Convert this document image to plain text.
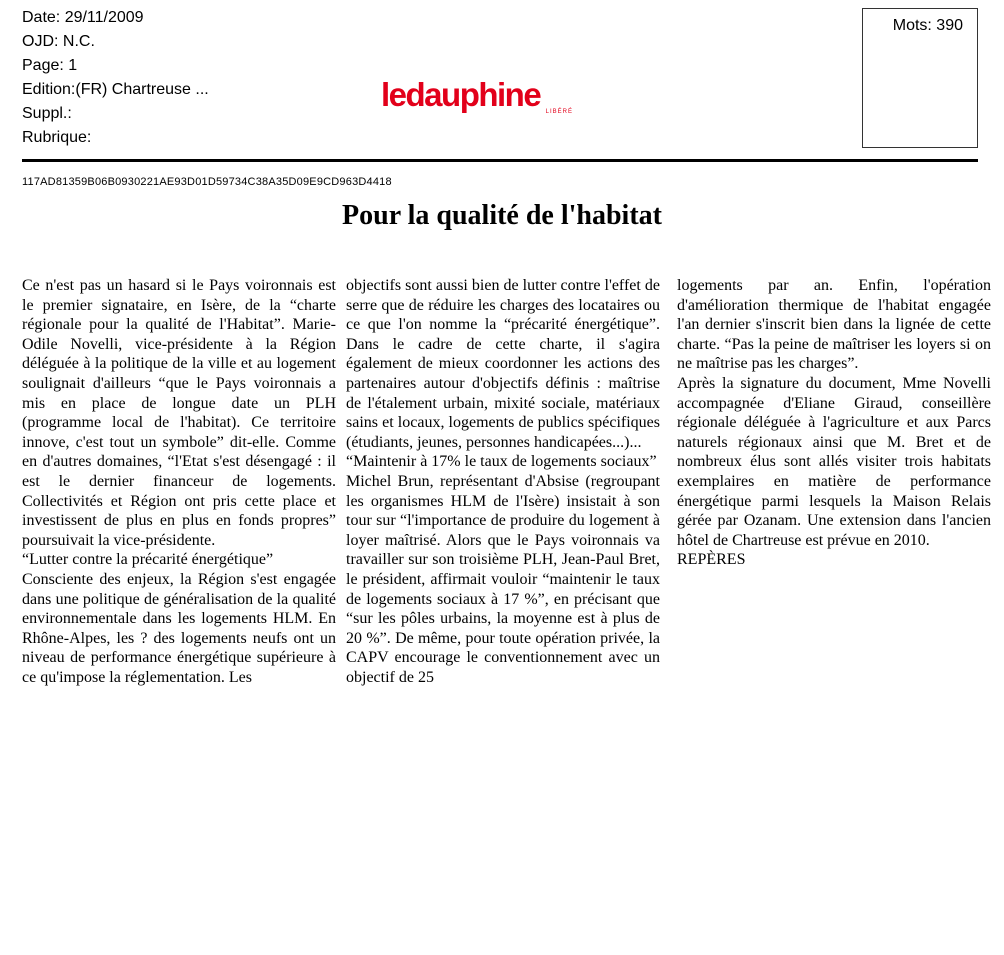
Date: 29/11/2009
OJD: N.C.
Page: 1
Edition:(FR) Chartreuse ...
Suppl.:
Rubrique:
ledauphine LIBÉRÉ
Mots: 390
117AD81359B06B0930221AE93D01D59734C38A35D09E9CD963D4418
Pour la qualité de l'habitat

Ce n'est pas un hasard si le Pays voironnais est le premier signataire, en Isère, de la “charte régionale pour la qualité de l'Habitat”. Marie-Odile Novelli, vice-présidente à la Région déléguée à la politique de la ville et au logement soulignait d'ailleurs “que le Pays voironnais a mis en place de longue date un PLH (programme local de l'habitat). Ce territoire innove, c'est tout un symbole” dit-elle. Comme en d'autres domaines, “l'Etat s'est désengagé : il est le dernier financeur de logements. Collectivités et Région ont pris cette place et investissent de plus en plus en fonds propres” poursuivait la vice-présidente.

“Lutter contre la précarité énergétique”

Consciente des enjeux, la Région s'est engagée dans une politique de généralisation de la qualité environnementale dans les logements HLM. En Rhône-Alpes, les ? des logements neufs ont un niveau de performance énergétique supérieure à ce qu'impose la réglementation. Les

objectifs sont aussi bien de lutter contre l'effet de serre que de réduire les charges des locataires ou ce que l'on nomme la “précarité énergétique”. Dans le cadre de cette charte, il s'agira également de mieux coordonner les actions des partenaires autour d'objectifs définis : maîtrise de l'étalement urbain, mixité sociale, matériaux sains et locaux, logements de publics spécifiques (étudiants, jeunes, personnes handicapées...)...

“Maintenir à 17% le taux de logements sociaux”

Michel Brun, représentant d'Absise (regroupant les organismes HLM de l'Isère) insistait à son tour sur “l'importance de produire du logement à loyer maîtrisé. Alors que le Pays voironnais va travailler sur son troisième PLH, Jean-Paul Bret, le président, affirmait vouloir “maintenir le taux de logements sociaux à 17 %”, en précisant que “sur les pôles urbains, la moyenne est à plus de 20 %”. De même, pour toute opération privée, la CAPV encourage le conventionnement avec un objectif de 25

logements par an. Enfin, l'opération d'amélioration thermique de l'habitat engagée l'an dernier s'inscrit bien dans la lignée de cette charte. “Pas la peine de maîtriser les loyers si on ne maîtrise pas les charges”.

Après la signature du document, Mme Novelli accompagnée d'Eliane Giraud, conseillère régionale déléguée à l'agriculture et aux Parcs naturels régionaux ainsi que M. Bret et de nombreux élus sont allés visiter trois habitats exemplaires en matière de performance énergétique parmi lesquels la Maison Relais gérée par Ozanam. Une extension dans l'ancien hôtel de Chartreuse est prévue en 2010.

REPÈRES
